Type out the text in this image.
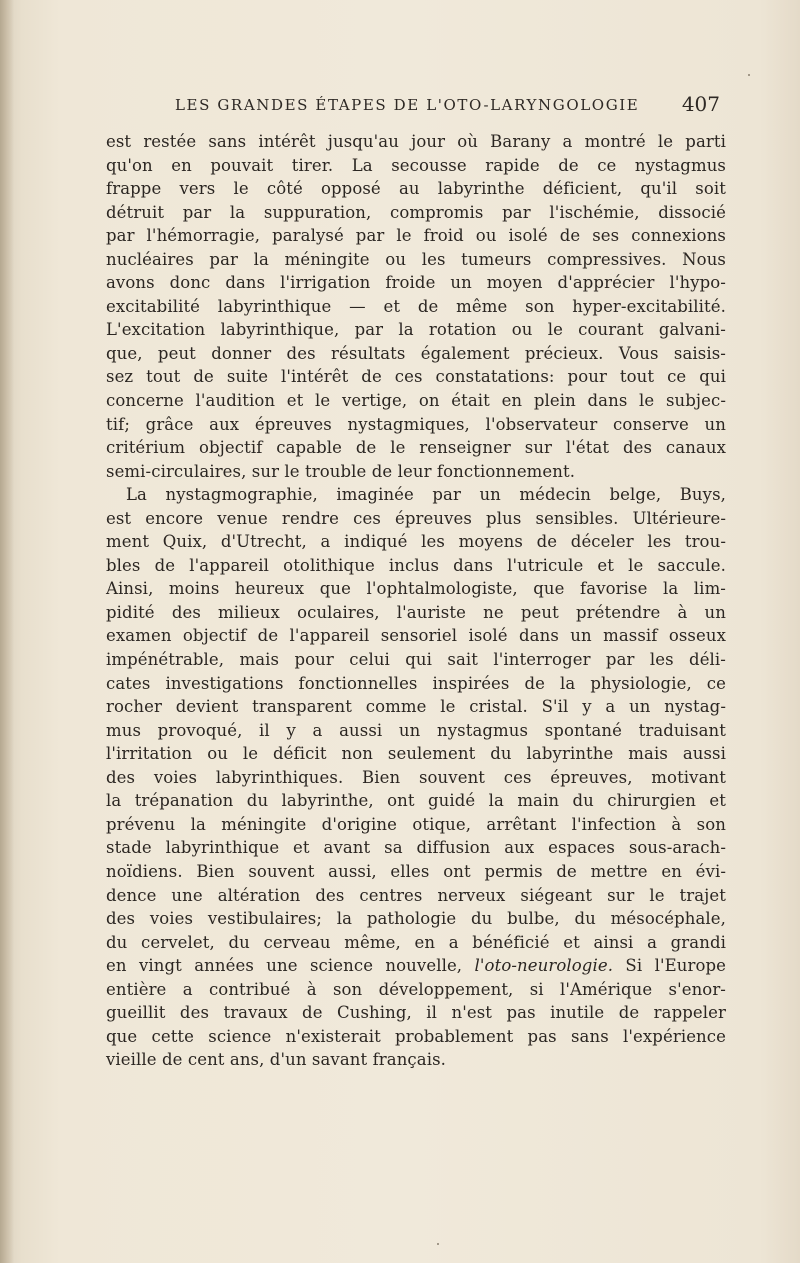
LES GRANDES ÉTAPES DE L'OTO-LARYNGOLOGIE 407
est restée sans intérêt jusqu'au jour où Barany a montré le parti
qu'on en pouvait tirer. La secousse rapide de ce nystagmus
frappe vers le côté opposé au labyrinthe déficient, qu'il soit
détruit par la suppuration, compromis par l'ischémie, dissocié
par l'hémorragie, paralysé par le froid ou isolé de ses connexions
nucléaires par la méningite ou les tumeurs compressives. Nous
avons donc dans l'irrigation froide un moyen d'apprécier l'hypo-
excitabilité labyrinthique — et de même son hyper-excitabilité.
L'excitation labyrinthique, par la rotation ou le courant galvani-
que, peut donner des résultats également précieux. Vous saisis-
sez tout de suite l'intérêt de ces constatations: pour tout ce qui
concerne l'audition et le vertige, on était en plein dans le subjec-
tif; grâce aux épreuves nystagmiques, l'observateur conserve un
critérium objectif capable de le renseigner sur l'état des canaux
semi-circulaires, sur le trouble de leur fonctionnement.
La nystagmographie, imaginée par un médecin belge, Buys,
est encore venue rendre ces épreuves plus sensibles. Ultérieure-
ment Quix, d'Utrecht, a indiqué les moyens de déceler les trou-
bles de l'appareil otolithique inclus dans l'utricule et le saccule.
Ainsi, moins heureux que l'ophtalmologiste, que favorise la lim-
pidité des milieux oculaires, l'auriste ne peut prétendre à un
examen objectif de l'appareil sensoriel isolé dans un massif osseux
impénétrable, mais pour celui qui sait l'interroger par les déli-
cates investigations fonctionnelles inspirées de la physiologie, ce
rocher devient transparent comme le cristal. S'il y a un nystag-
mus provoqué, il y a aussi un nystagmus spontané traduisant
l'irritation ou le déficit non seulement du labyrinthe mais aussi
des voies labyrinthiques. Bien souvent ces épreuves, motivant
la trépanation du labyrinthe, ont guidé la main du chirurgien et
prévenu la méningite d'origine otique, arrêtant l'infection à son
stade labyrinthique et avant sa diffusion aux espaces sous-arach-
noïdiens. Bien souvent aussi, elles ont permis de mettre en évi-
dence une altération des centres nerveux siégeant sur le trajet
des voies vestibulaires; la pathologie du bulbe, du mésocéphale,
du cervelet, du cerveau même, en a bénéficié et ainsi a grandi
en vingt années une science nouvelle, l'oto-neurologie. Si l'Europe
entière a contribué à son développement, si l'Amérique s'enor-
gueillit des travaux de Cushing, il n'est pas inutile de rappeler
que cette science n'existerait probablement pas sans l'expérience
vieille de cent ans, d'un savant français.
